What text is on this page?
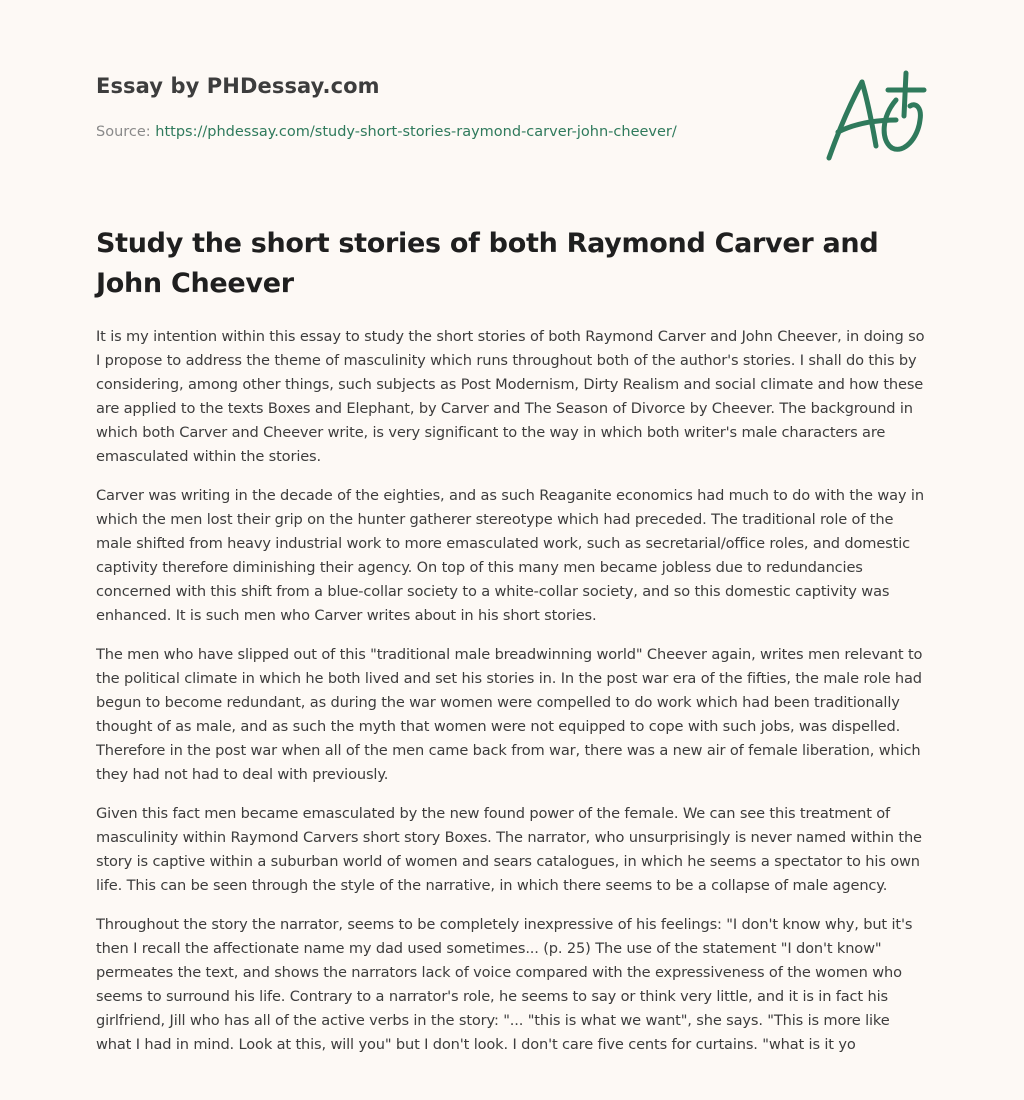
Essay by PHDessay.com
Source: https://phdessay.com/study-short-stories-raymond-carver-john-cheever/
Study the short stories of both Raymond Carver and John Cheever

It is my intention within this essay to study the short stories of both Raymond Carver and John Cheever, in doing so I propose to address the theme of masculinity which runs throughout both of the author's stories. I shall do this by considering, among other things, such subjects as Post Modernism, Dirty Realism and social climate and how these are applied to the texts Boxes and Elephant, by Carver and The Season of Divorce by Cheever. The background in which both Carver and Cheever write, is very significant to the way in which both writer's male characters are emasculated within the stories.

Carver was writing in the decade of the eighties, and as such Reaganite economics had much to do with the way in which the men lost their grip on the hunter gatherer stereotype which had preceded. The traditional role of the male shifted from heavy industrial work to more emasculated work, such as secretarial/office roles, and domestic captivity therefore diminishing their agency. On top of this many men became jobless due to redundancies concerned with this shift from a blue-collar society to a white-collar society, and so this domestic captivity was enhanced. It is such men who Carver writes about in his short stories.

The men who have slipped out of this "traditional male breadwinning world" Cheever again, writes men relevant to the political climate in which he both lived and set his stories in. In the post war era of the fifties, the male role had begun to become redundant, as during the war women were compelled to do work which had been traditionally thought of as male, and as such the myth that women were not equipped to cope with such jobs, was dispelled. Therefore in the post war when all of the men came back from war, there was a new air of female liberation, which they had not had to deal with previously.

Given this fact men became emasculated by the new found power of the female. We can see this treatment of masculinity within Raymond Carvers short story Boxes. The narrator, who unsurprisingly is never named within the story is captive within a suburban world of women and sears catalogues, in which he seems a spectator to his own life. This can be seen through the style of the narrative, in which there seems to be a collapse of male agency.

Throughout the story the narrator, seems to be completely inexpressive of his feelings: "I don't know why, but it's then I recall the affectionate name my dad used sometimes... (p. 25) The use of the statement "I don't know" permeates the text, and shows the narrators lack of voice compared with the expressiveness of the women who seems to surround his life. Contrary to a narrator's role, he seems to say or think very little, and it is in fact his girlfriend, Jill who has all of the active verbs in the story: "... "this is what we want", she says. "This is more like what I had in mind. Look at this, will you" but I don't look. I don't care five cents for curtains. "what is it yo
